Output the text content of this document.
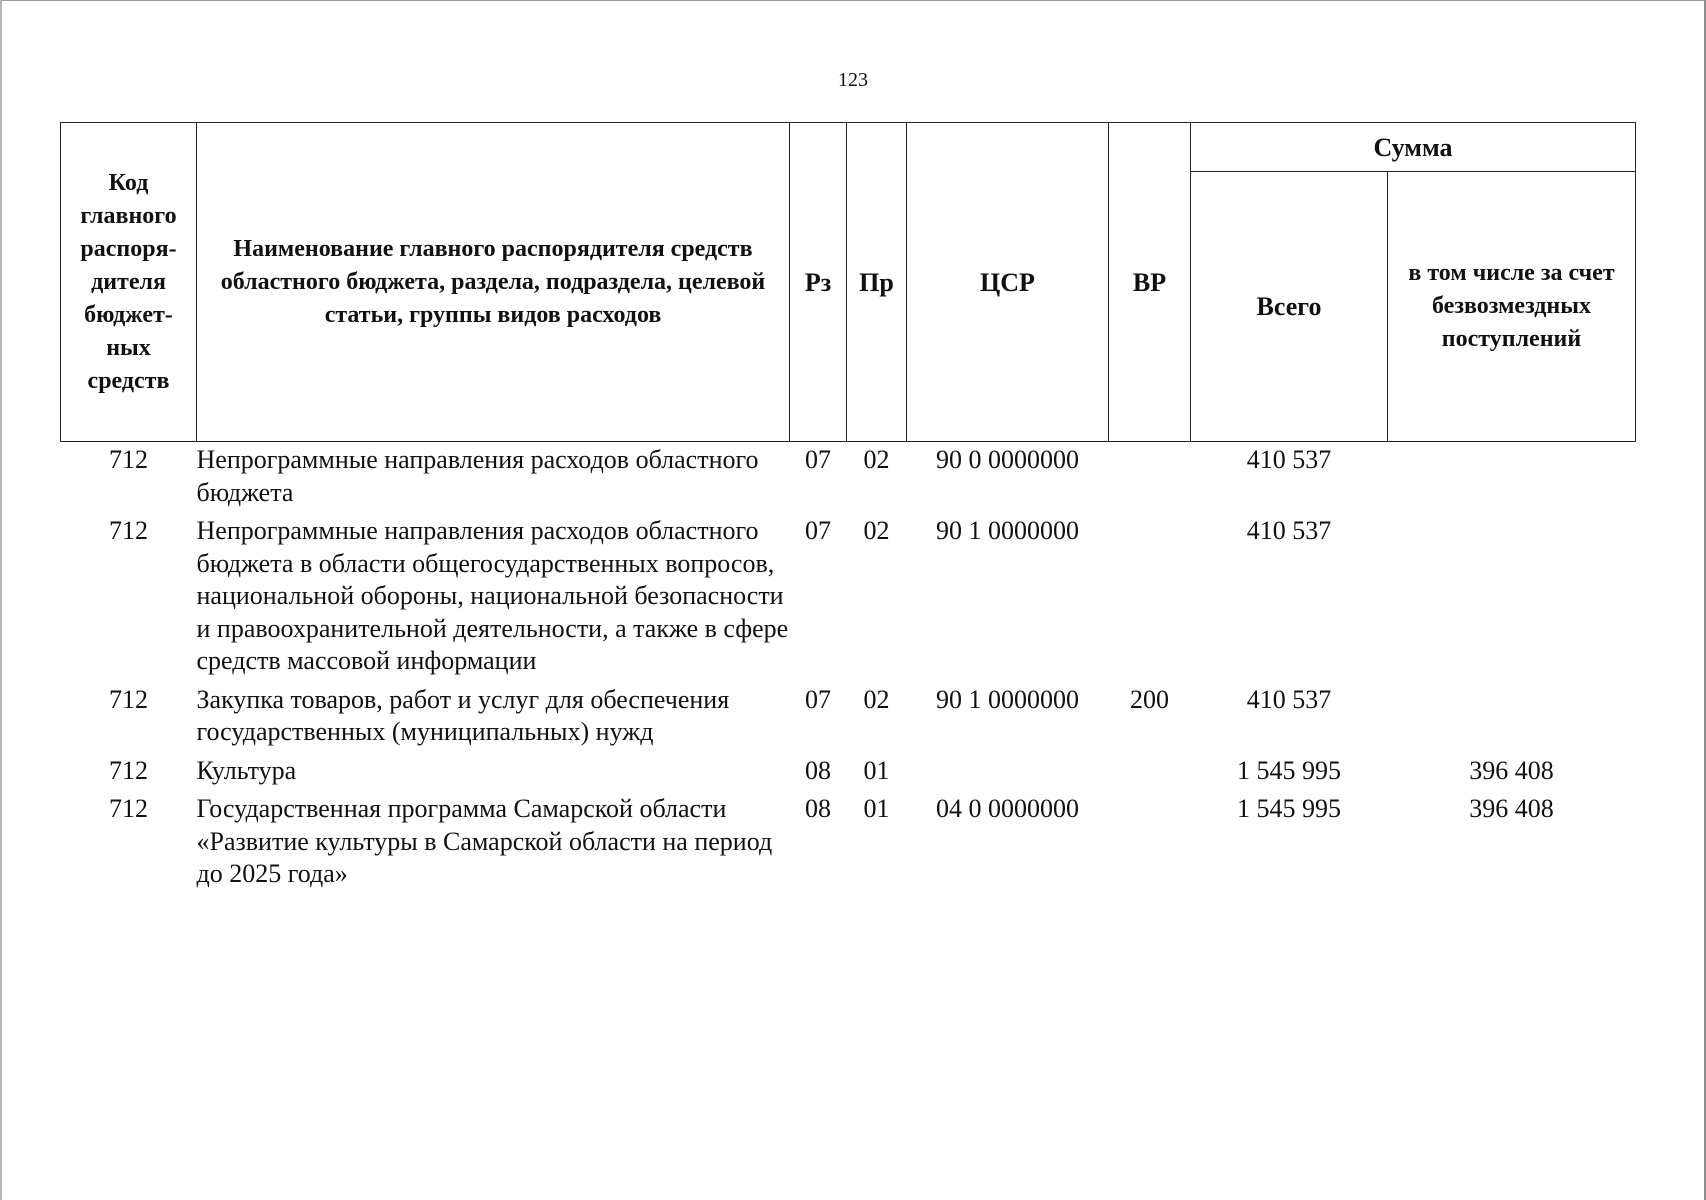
123
Код главного распоря-дителя бюджет-ных средств	Наименование главного распорядителя средств областного бюджета, раздела, подраздела, целевой статьи, группы видов расходов	Рз	Пр	ЦСР	ВР	Сумма	
						Всего	в том числе за счет безвозмездных поступлений
712	Непрограммные направления расходов областного бюджета	07	02	90 0 0000000		410 537	
712	Непрограммные направления расходов областного бюджета в области общегосударственных вопросов, национальной обороны, национальной безопасности и правоохранительной деятельности, а также в сфере средств массовой информации	07	02	90 1 0000000		410 537	
712	Закупка товаров, работ и услуг для обеспечения государственных (муниципальных) нужд	07	02	90 1 0000000	200	410 537	
712	Культура	08	01			1 545 995	396 408
712	Государственная программа Самарской области «Развитие культуры в Самарской области на период до 2025 года»	08	01	04 0 0000000		1 545 995	396 408
